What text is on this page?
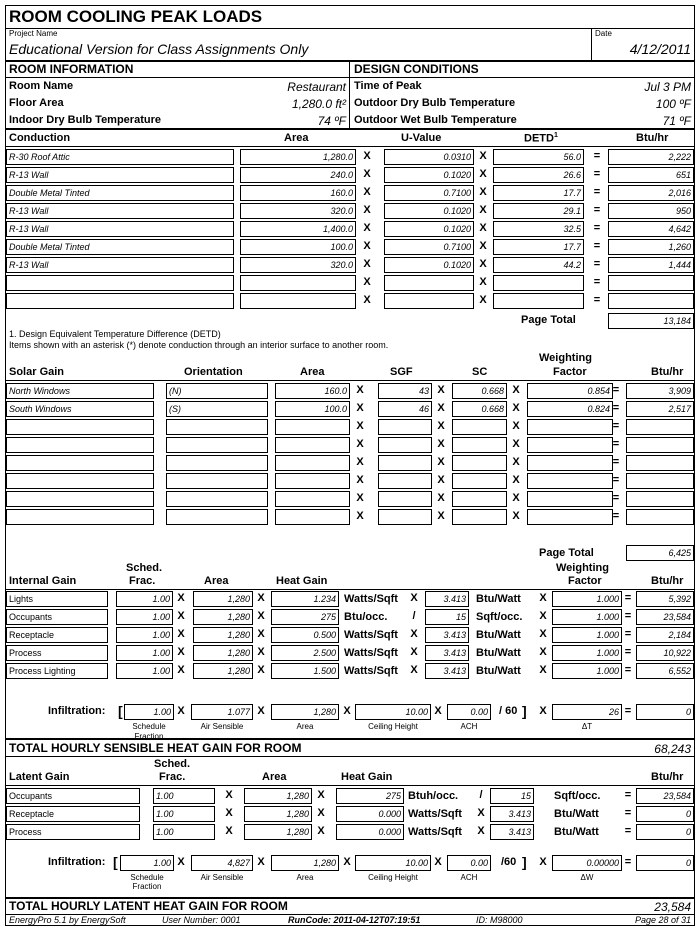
ROOM COOLING PEAK LOADS
Project Name
Educational Version for Class Assignments Only
Date
4/12/2011
ROOM INFORMATION	DESIGN CONDITIONS
Room Name	Restaurant Time of Peak	Jul 3 PM
Floor Area	1,280.0 ft² Outdoor Dry Bulb Temperature	100 ºF
Indoor Dry Bulb Temperature	74 ºF Outdoor Wet Bulb Temperature	71 ºF
Conduction	Area	U-Value	DETD$^1$	Btu/hr
R-30 Roof Attic	1,280.0 X	0.0310 X	56.0 =	2,222
R-13 Wall	240.0 X	0.1020 X	26.6 =	651
Double Metal Tinted	160.0 X	0.7100 X	17.7 =	2,016
R-13 Wall	320.0 X	0.1020 X	29.1 =	950
R-13 Wall	1,400.0 X	0.1020 X	32.5 =	4,642
Double Metal Tinted	100.0 X	0.7100 X	17.7 =	1,260
R-13 Wall	320.0 X	0.1020 X	44.2 =	1,444
X	X	=
X	X	=
Page Total	13,184
1. Design Equivalent Temperature Difference (DETD)
Items shown with an asterisk (*) denote conduction through an interior surface to another room.
Weighting
Solar Gain	Orientation	Area	SGF	SC	Factor	Btu/hr
North Windows	(N)	160.0 X	43 X	0.668 X	0.854 =	3,909
South Windows	(S)	100.0 X	46 X	0.668 X	0.824 =	2,517
X	X	X	=
X	X	X	=
X	X	X	=
X	X	X	=
X	X	X	=
X	X	X	=
Page Total	6,425
Sched.	Weighting
Internal Gain	Frac.	Area	Heat Gain	Factor	Btu/hr
Lights	1.00 X	1,280 X	1.234 Watts/Sqft X	3.413 Btu/Watt X	1.000 =	5,392
Occupants	1.00 X	1,280 X	275 Btu/occ.	/	15 Sqft/occ. X	1.000 =	23,584
Receptacle	1.00 X	1,280 X	0.500 Watts/Sqft X	3.413 Btu/Watt X	1.000 =	2,184
Process	1.00 X	1,280 X	2.500 Watts/Sqft X	3.413 Btu/Watt X	1.000 =	10,922
Process Lighting	1.00 X	1,280 X	1.500 Watts/Sqft X	3.413 Btu/Watt X	1.000 =	6,552
Infiltration: [	1.00 X	1.077 X	1,280 X	10.00 X	0.00 / 60 ] X	26 =	0
Schedule
Fraction
Air Sensible	Area	Ceiling Height	ACH	ΔT
TOTAL HOURLY SENSIBLE HEAT GAIN FOR ROOM	68,243
Sched.
Latent Gain	Frac.	Area	Heat Gain	Btu/hr
Occupants	1.00	X	1,280 X	275 Btuh/occ.	/	15 Sqft/occ. =	23,584
Receptacle	1.00	X	1,280 X	0.000 Watts/Sqft X	3.413 Btu/Watt =	0
Process	1.00	X	1,280 X	0.000 Watts/Sqft X	3.413 Btu/Watt =	0
Infiltration: [	1.00 X	4,827 X	1,280 X	10.00 X	0.00 /60 ] X	0.00000 =	0
Schedule
Fraction
Air Sensible	Area	Ceiling Height	ACH	ΔW
TOTAL HOURLY LATENT HEAT GAIN FOR ROOM	23,584
EnergyPro 5.1 by EnergySoft	User Number: 0001	RunCode: 2011-04-12T07:19:51	ID: M98000	Page 28 of 31
